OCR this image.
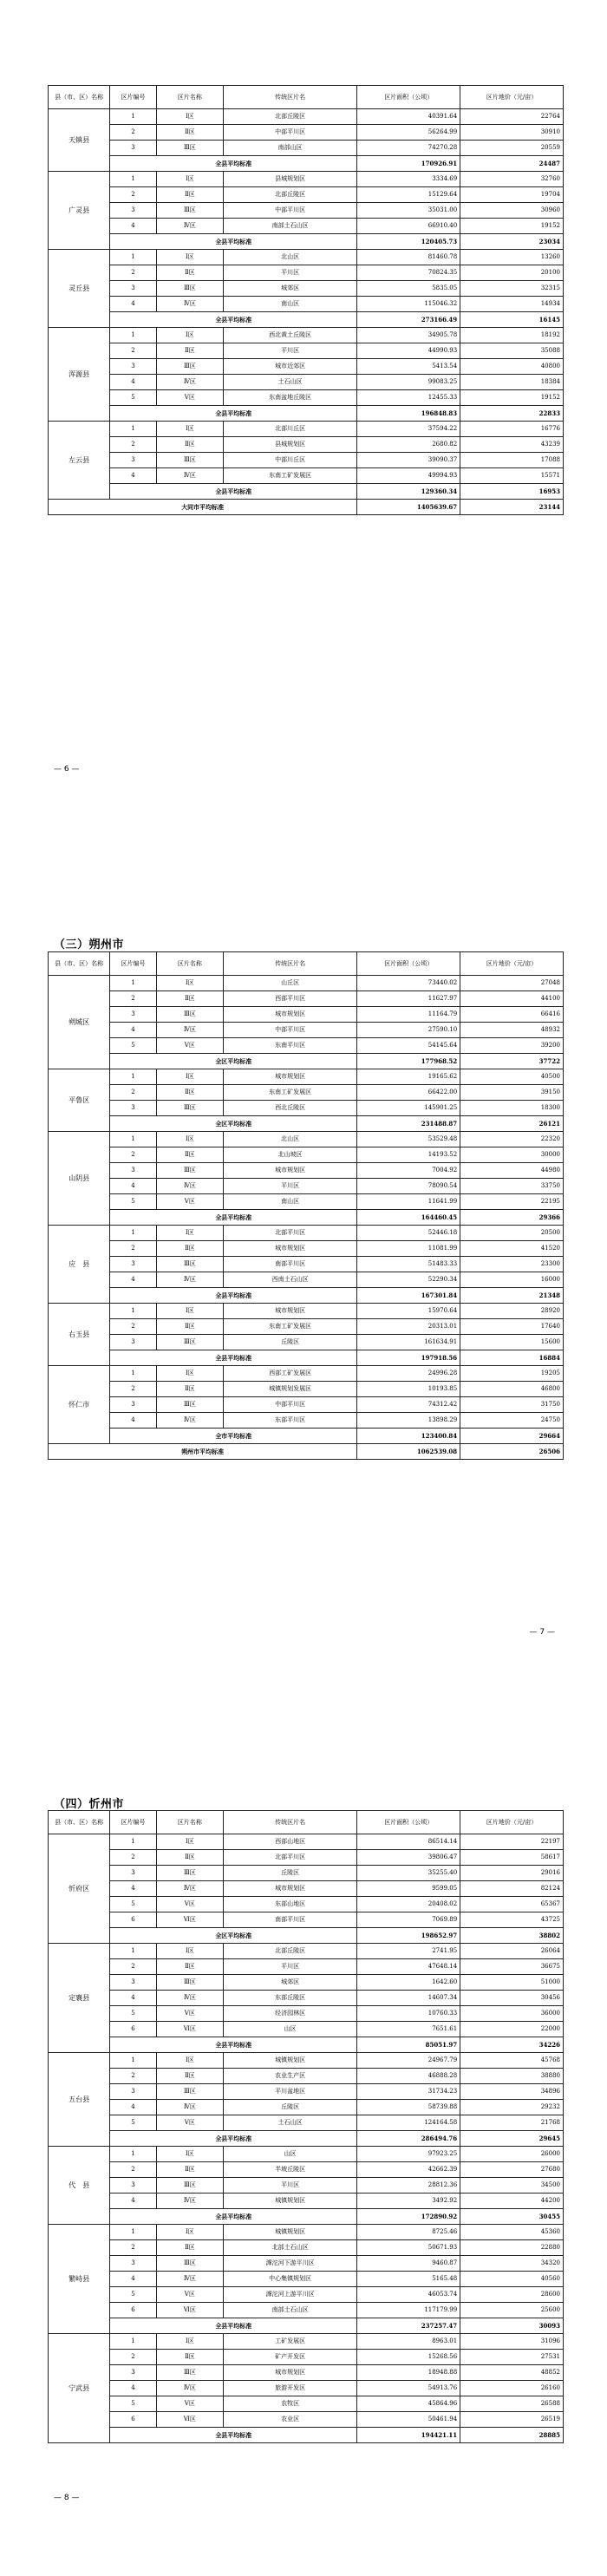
县（市、区）名称	区片编号	区片名称	传统区片名	区片面积（公顷）	区片地价（元/亩）
天镇县	1	Ⅰ区	北部丘陵区	40391.64	22764
	2	Ⅱ区	中部平川区	56264.99	30910
	3	Ⅲ区	南部山区	74270.28	20559
	全县平均标准			170926.91	24487
广灵县	1	Ⅰ区	县城规划区	3334.69	32760
	2	Ⅱ区	北部丘陵区	15129.64	19704
	3	Ⅲ区	中部平川区	35031.00	30960
	4	Ⅳ区	南部土石山区	66910.40	19152
	全县平均标准			120405.73	23034
灵丘县	1	Ⅰ区	北山区	81460.78	13260
	2	Ⅱ区	平川区	70824.35	20100
	3	Ⅲ区	城郊区	5835.05	32315
	4	Ⅳ区	南山区	115046.32	14934
	全县平均标准			273166.49	16145
浑源县	1	Ⅰ区	西北黄土丘陵区	34905.78	18192
	2	Ⅱ区	平川区	44990.93	35088
	3	Ⅲ区	城市近郊区	5413.54	40800
	4	Ⅳ区	土石山区	99083.25	18384
	5	Ⅴ区	东南盆地丘陵区	12455.33	19152
	全县平均标准			196848.83	22833
左云县	1	Ⅰ区	北部川丘区	37594.22	16776
	2	Ⅱ区	县城规划区	2680.82	43239
	3	Ⅲ区	中部川丘区	39090.37	17088
	4	Ⅳ区	东南工矿发展区	49994.93	15571
	全县平均标准			129360.34	16953
大同市平均标准				1405639.67	23144
— 6 —
（三）朔州市
县（市、区）名称	区片编号	区片名称	传统区片名	区片面积（公顷）	区片地价（元/亩）
朔城区	1	Ⅰ区	山丘区	73440.02	27048
	2	Ⅱ区	西部平川区	11627.97	44100
	3	Ⅲ区	城市规划区	11164.79	66416
	4	Ⅳ区	中部平川区	27590.10	48932
	5	Ⅴ区	东南平川区	54145.64	39200
	全区平均标准			177968.52	37722
平鲁区	1	Ⅰ区	城市规划区	19165.62	40500
	2	Ⅱ区	东南工矿发展区	66422.00	39150
	3	Ⅲ区	西北丘陵区	145901.25	18300
	全区平均标准			231488.87	26121
山阴县	1	Ⅰ区	北山区	53529.48	22320
	2	Ⅱ区	北山坡区	14193.52	30000
	3	Ⅲ区	城市规划区	7004.92	44980
	4	Ⅳ区	平川区	78090.54	33750
	5	Ⅴ区	南山区	11641.99	22195
	全县平均标准			164460.45	29366
应　县	1	Ⅰ区	北部平川区	52446.18	20500
	2	Ⅱ区	城市规划区	11081.99	41520
	3	Ⅲ区	南部平川区	51483.33	23300
	4	Ⅳ区	西南土石山区	52290.34	16000
	全县平均标准			167301.84	21348
右玉县	1	Ⅰ区	城市规划区	15970.64	28920
	2	Ⅱ区	东南工矿发展区	20313.01	17640
	3	Ⅲ区	丘陵区	161634.91	15600
	全县平均标准			197918.56	16884
怀仁市	1	Ⅰ区	西部工矿发展区	24996.28	19205
	2	Ⅱ区	城镇规划发展区	10193.85	46800
	3	Ⅲ区	中部平川区	74312.42	31750
	4	Ⅳ区	东部平川区	13898.29	24750
	全市平均标准			123400.84	29664
朔州市平均标准				1062539.08	26506
— 7 —
（四）忻州市
县（市、区）名称	区片编号	区片名称	传统区片名	区片面积（公顷）	区片地价（元/亩）
忻府区	1	Ⅰ区	西部山地区	86514.14	22197
	2	Ⅱ区	北部平川区	39806.47	58617
	3	Ⅲ区	丘陵区	35255.40	29016
	4	Ⅳ区	城市规划区	9599.05	82124
	5	Ⅴ区	东部山地区	20408.02	65367
	6	Ⅵ区	南部平川区	7069.89	43725
	全区平均标准			198652.97	38802
定襄县	1	Ⅰ区	北部丘陵区	2741.95	26064
	2	Ⅱ区	平川区	47648.14	36675
	3	Ⅲ区	城郊区	1642.60	51000
	4	Ⅳ区	东部丘陵区	14607.34	30456
	5	Ⅴ区	经济园林区	10760.33	36000
	6	Ⅵ区	山区	7651.61	22000
	全县平均标准			85051.97	34226
五台县	1	Ⅰ区	城镇规划区	24967.79	45768
	2	Ⅱ区	农业生产区	46888.28	38880
	3	Ⅲ区	平川盆地区	31734.23	34896
	4	Ⅳ区	丘陵区	58739.88	29232
	5	Ⅴ区	土石山区	124164.58	21768
	全县平均标准			286494.76	29645
代　县	1	Ⅰ区	山区	97923.25	26000
	2	Ⅱ区	半坡丘陵区	42662.39	27680
	3	Ⅲ区	平川区	28812.36	34500
	4	Ⅳ区	城镇规划区	3492.92	44200
	全县平均标准			172890.92	30455
繁峙县	1	Ⅰ区	城镇规划区	8725.46	45360
	2	Ⅱ区	北部土石山区	50671.93	22880
	3	Ⅲ区	滹沱河下游平川区	9460.87	34320
	4	Ⅳ区	中心集镇规划区	5165.48	40560
	5	Ⅴ区	滹沱河上游平川区	46053.74	28600
	6	Ⅵ区	南部土石山区	117179.99	25600
	全县平均标准			237257.47	30093
宁武县	1	Ⅰ区	工矿发展区	8963.01	31096
	2	Ⅱ区	矿产开发区	15268.56	27531
	3	Ⅲ区	城市规划区	18948.88	48852
	4	Ⅳ区	旅游开发区	54913.76	26160
	5	Ⅴ区	农牧区	45864.96	26588
	6	Ⅵ区	农业区	50461.94	26519
	全县平均标准			194421.11	28885
— 8 —
